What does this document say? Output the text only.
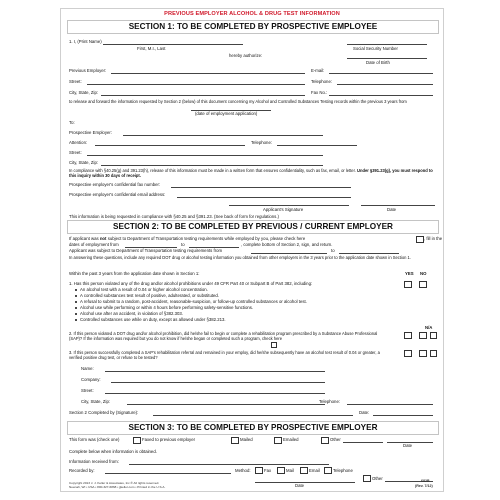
PREVIOUS EMPLOYER ALCOHOL & DRUG TEST INFORMATION
SECTION 1: TO BE COMPLETED BY PROSPECTIVE EMPLOYEE
1. I, (Print Name)
First, M.I., Last	Social Security Number
hereby authorize:
Date of Birth
Previous Employer:	E-mail:
Street:	Telephone:
City, State, Zip:	Fax No.:
to release and forward the information requested by Section 2 (below) of this document concerning my Alcohol and Controlled Substances Testing records within the previous 3 years from
(date of employment application)
To:
Prospective Employer:
Attention:	Telephone:
Street:
City, State, Zip:
In compliance with §40.25(g) and 391.23(h), release of this information must be made in a written form that ensures confidentiality, such as fax, email, or letter. Under §391.23(g), you must respond to this inquiry within 30 days of receipt.
Prospective employer's confidential fax number:
Prospective employer's confidential email address:
Applicant's Signature	Date
This information is being requested in compliance with §40.25 and §391.23. (See back of form for regulations.)
SECTION 2: TO BE COMPLETED BY PREVIOUS / CURRENT EMPLOYER
If applicant was not subject to Department of Transportation testing requirements while employed by you, please check here	, fill in the
dates of employment from	to	, complete bottom of Section 2, sign, and return.
Applicant was subject to Department of Transportation testing requirements from	to
In answering these questions, include any required DOT drug or alcohol testing information you obtained from other employers in the 3 years prior to the application date shown in Section 1.
Within the past 3 years from the application date shown in Section 1:	YES NO
1. Has this person violated any of the drug and/or alcohol prohibitions under 49 CFR Part 40 or Subpart B of Part 382, including:
An alcohol test with a result of 0.04 or higher alcohol concentration.
A controlled substances test result of positive, adulterated, or substituted.
A refusal to submit to a random, post-accident, reasonable-suspicion, or follow-up controlled substances or alcohol test.
Alcohol use while performing or within 4 hours before performing safety-sensitive functions.
Alcohol use after an accident, in violation of §382.303.
Controlled substances use while on duty, except as allowed under §382.213.
N/A
2. If this person violated a DOT drug and/or alcohol prohibition, did he/she fail to begin or complete a rehabilitation program prescribed by a Substance Abuse Professional (SAP)? If the information was required but you do not know if he/she began or completed such a program, check here
3. If this person successfully completed a SAP's rehabilitation referral and remained in your employ, did he/she subsequently have an alcohol test result of 0.04 or greater, a verified positive drug test, or refuse to be tested?
Name:
Company:
Street:
City, State, Zip:	Telephone:
Section 2 Completed by (Signature):	Date:
SECTION 3: TO BE COMPLETED BY PROSPECTIVE EMPLOYER
This form was (check one)	Faxed to previous employer	Mailed	Emailed	Other
Date
Complete below when information is obtained.
Information received from:
Recorded by:	Method:	Fax	Mail	Email	Telephone
Other
Date
Copyright 2013 J. J. Keller & Associates, Inc.® All rights reserved.
Neenah, WI • USA • 800-327-6868 • jjkeller.com • Printed in the U.S.A.
682B
(Rev. 7/12)
